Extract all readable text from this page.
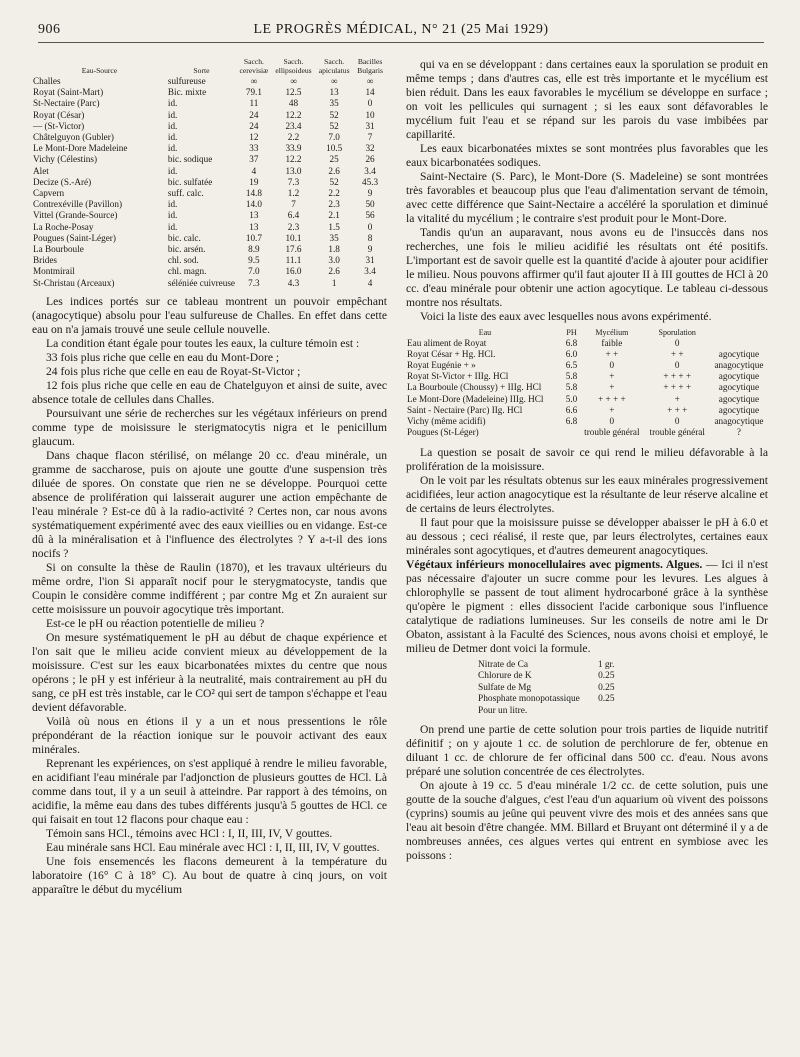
906	LE PROGRÈS MÉDICAL, N° 21 (25 Mai 1929)
Eau-Source	Sorte	Sacch. cerevisiæ	Sacch. ellipsoideus	Sacch. apiculatus	Bacilles Bulgaris
Challes	sulfureuse	∞	∞	∞	∞
Royat (Saint-Mart)	Bic. mixte	79.1	12.5	13	14
St-Nectaire (Parc)	id.	11	48	35	0
Royat (César)	id.	24	12.2	52	10
— (St-Victor)	id.	24	23.4	52	31
Châtelguyon (Gubler)	id.	12	2.2	7.0	7
Le Mont-Dore Madeleine	id.	33	33.9	10.5	32
Vichy (Célestins)	bic. sodique	37	12.2	25	26
Alet	id.	4	13.0	2.6	3.4
Decize (S.-Aré)	bic. sulfatée	19	7.3	52	45.3
Capvern	suff. calc.	14.8	1.2	2.2	9
Contrexéville (Pavillon)	id.	14.0	7	2.3	50
Vittel (Grande-Source)	id.	13	6.4	2.1	56
La Roche-Posay	id.	13	2.3	1.5	0
Pougues (Saint-Léger)	bic. calc.	10.7	10.1	35	8
La Bourboule	bic. arsén.	8.9	17.6	1.8	9
Brides	chl. sod.	9.5	11.1	3.0	31
Montmirail	chl. magn.	7.0	16.0	2.6	3.4
St-Christau (Arceaux)	séléniée cuivreuse	7.3	4.3	1	4

Les indices portés sur ce tableau montrent un pouvoir empêchant (anagocytique) absolu pour l'eau sulfureuse de Challes. En effet dans cette eau on n'a jamais trouvé une seule cellule nouvelle.

La condition étant égale pour toutes les eaux, la culture témoin est :

33 fois plus riche que celle en eau du Mont-Dore ;

24 fois plus riche que celle en eau de Royat-St-Victor ;

12 fois plus riche que celle en eau de Chatelguyon et ainsi de suite, avec absence totale de cellules dans Challes.

Poursuivant une série de recherches sur les végétaux inférieurs on prend comme type de moisissure le sterigmatocytis nigra et le penicillum glaucum.

Dans chaque flacon stérilisé, on mélange 20 cc. d'eau minérale, un gramme de saccharose, puis on ajoute une goutte d'une suspension très diluée de spores. On constate que rien ne se développe. Pourquoi cette absence de prolifération qui laisserait augurer une action empêchante de l'eau minérale ? Est-ce dû à la radio-activité ? Certes non, car nous avons systématiquement expérimenté avec des eaux vieillies ou en vidange. Est-ce dû à la minéralisation et à l'influence des électrolytes ? Y a-t-il des ions nocifs ?

Si on consulte la thèse de Raulin (1870), et les travaux ultérieurs du même ordre, l'ion Si apparaît nocif pour le sterygmatocyste, tandis que Coupin le considère comme indifférent ; par contre Mg et Zn auraient sur cette moisissure un pouvoir agocytique très important.

Est-ce le pH ou réaction potentielle de milieu ?

On mesure systématiquement le pH au début de chaque expérience et l'on sait que le milieu acide convient mieux au développement de la moisissure. C'est sur les eaux bicarbonatées mixtes du centre que nous opérons ; le pH y est inférieur à la neutralité, mais contrairement au pH du sang, ce pH est très instable, car le CO² qui sert de tampon s'échappe et l'eau devient défavorable.

Voilà où nous en étions il y a un et nous pressentions le rôle prépondérant de la réaction ionique sur le pouvoir activant des eaux minérales.

Reprenant les expériences, on s'est appliqué à rendre le milieu favorable, en acidifiant l'eau minérale par l'adjonction de plusieurs gouttes de HCl. Là comme dans tout, il y a un seuil à atteindre. Par rapport à des témoins, on acidifie, la même eau dans des tubes différents jusqu'à 5 gouttes de HCl. ce qui faisait en tout 12 flacons pour chaque eau :

Témoin sans HCl., témoins avec HCl : I, II, III, IV, V gouttes.

Eau minérale sans HCl. Eau minérale avec HCl : I, II, III, IV, V gouttes.

Une fois ensemencés les flacons demeurent à la température du laboratoire (16° C à 18° C). Au bout de quatre à cinq jours, on voit apparaître le début du mycélium

qui va en se développant : dans certaines eaux la sporulation se produit en même temps ; dans d'autres cas, elle est très importante et le mycélium est bien réduit. Dans les eaux favorables le mycélium se développe en surface ; on voit les pellicules qui surnagent ; si les eaux sont défavorables le mycélium fuit l'eau et se répand sur les parois du vase imbibées par capillarité.

Les eaux bicarbonatées mixtes se sont montrées plus favorables que les eaux bicarbonatées sodiques.

Saint-Nectaire (S. Parc), le Mont-Dore (S. Madeleine) se sont montrées très favorables et beaucoup plus que l'eau d'alimentation servant de témoin, avec cette différence que Saint-Nectaire a accéléré la sporulation et diminué la vitalité du mycélium ; le contraire s'est produit pour le Mont-Dore.

Tandis qu'un an auparavant, nous avons eu de l'insuccès dans nos recherches, une fois le milieu acidifié les résultats ont été positifs. L'important est de savoir quelle est la quantité d'acide à ajouter pour acidifier le milieu. Nous pouvons affirmer qu'il faut ajouter II à III gouttes de HCl à 20 cc. d'eau minérale pour obtenir une action agocytique. Le tableau ci-dessous montre nos résultats.

Voici la liste des eaux avec lesquelles nous avons expérimenté.

Eau	PH	Mycélium	Sporulation	
Eau aliment de Royat	6.8	faible	0	
Royat César + Hg. HCl.	6.0	+ +	+ +	agocytique
Royat Eugénie + »	6.5	0	0	anagocytique
Royat St-Victor + IIIg. HCl	5.8	+	+ + + +	agocytique
La Bourboule (Choussy) + IIIg. HCl	5.8	+	+ + + +	agocytique
Le Mont-Dore (Madeleine) IIIg. HCl	5.0	+ + + +	+	agocytique
Saint - Nectaire (Parc) IIg. HCl	6.6	+	+ + +	agocytique
Vichy (même acidifi)	6.8	0	0	anagocytique
Pougues (St-Léger)		trouble général	trouble général	?

La question se posait de savoir ce qui rend le milieu défavorable à la prolifération de la moisissure.

On le voit par les résultats obtenus sur les eaux minérales progressivement acidifiées, leur action anagocytique est la résultante de leur réserve alcaline et de certains de leurs électrolytes.

Il faut pour que la moisissure puisse se développer abaisser le pH à 6.0 et au dessous ; ceci réalisé, il reste que, par leurs électrolytes, certaines eaux minérales sont agocytiques, et d'autres demeurent anagocytiques.

Végétaux inférieurs monocellulaires avec pigments. Algues. — Ici il n'est pas nécessaire d'ajouter un sucre comme pour les levures. Les algues à chlorophylle se passent de tout aliment hydrocarboné grâce à la synthèse qu'opère le pigment : elles dissocient l'acide carbonique sous l'influence catalytique de radiations lumineuses. Sur les conseils de notre ami le Dr Obaton, assistant à la Faculté des Sciences, nous avons choisi et employé, le milieu de Detmer dont voici la formule.

Nitrate de Ca	1 gr.
Chlorure de K	0.25
Sulfate de Mg	0.25
Phosphate monopotassique	0.25
Pour un litre.	

On prend une partie de cette solution pour trois parties de liquide nutritif définitif ; on y ajoute 1 cc. de solution de perchlorure de fer, obtenue en diluant 1 cc. de chlorure de fer officinal dans 500 cc. d'eau. Nous avons préparé une solution concentrée de ces électrolytes.

On ajoute à 19 cc. 5 d'eau minérale 1/2 cc. de cette solution, puis une goutte de la souche d'algues, c'est l'eau d'un aquarium où vivent des poissons (cyprins) soumis au jeûne qui peuvent vivre des mois et des années sans que l'eau ait besoin d'être changée. MM. Billard et Bruyant ont déterminé il y a de nombreuses années, ces algues vertes qui entrent en symbiose avec les poissons :
